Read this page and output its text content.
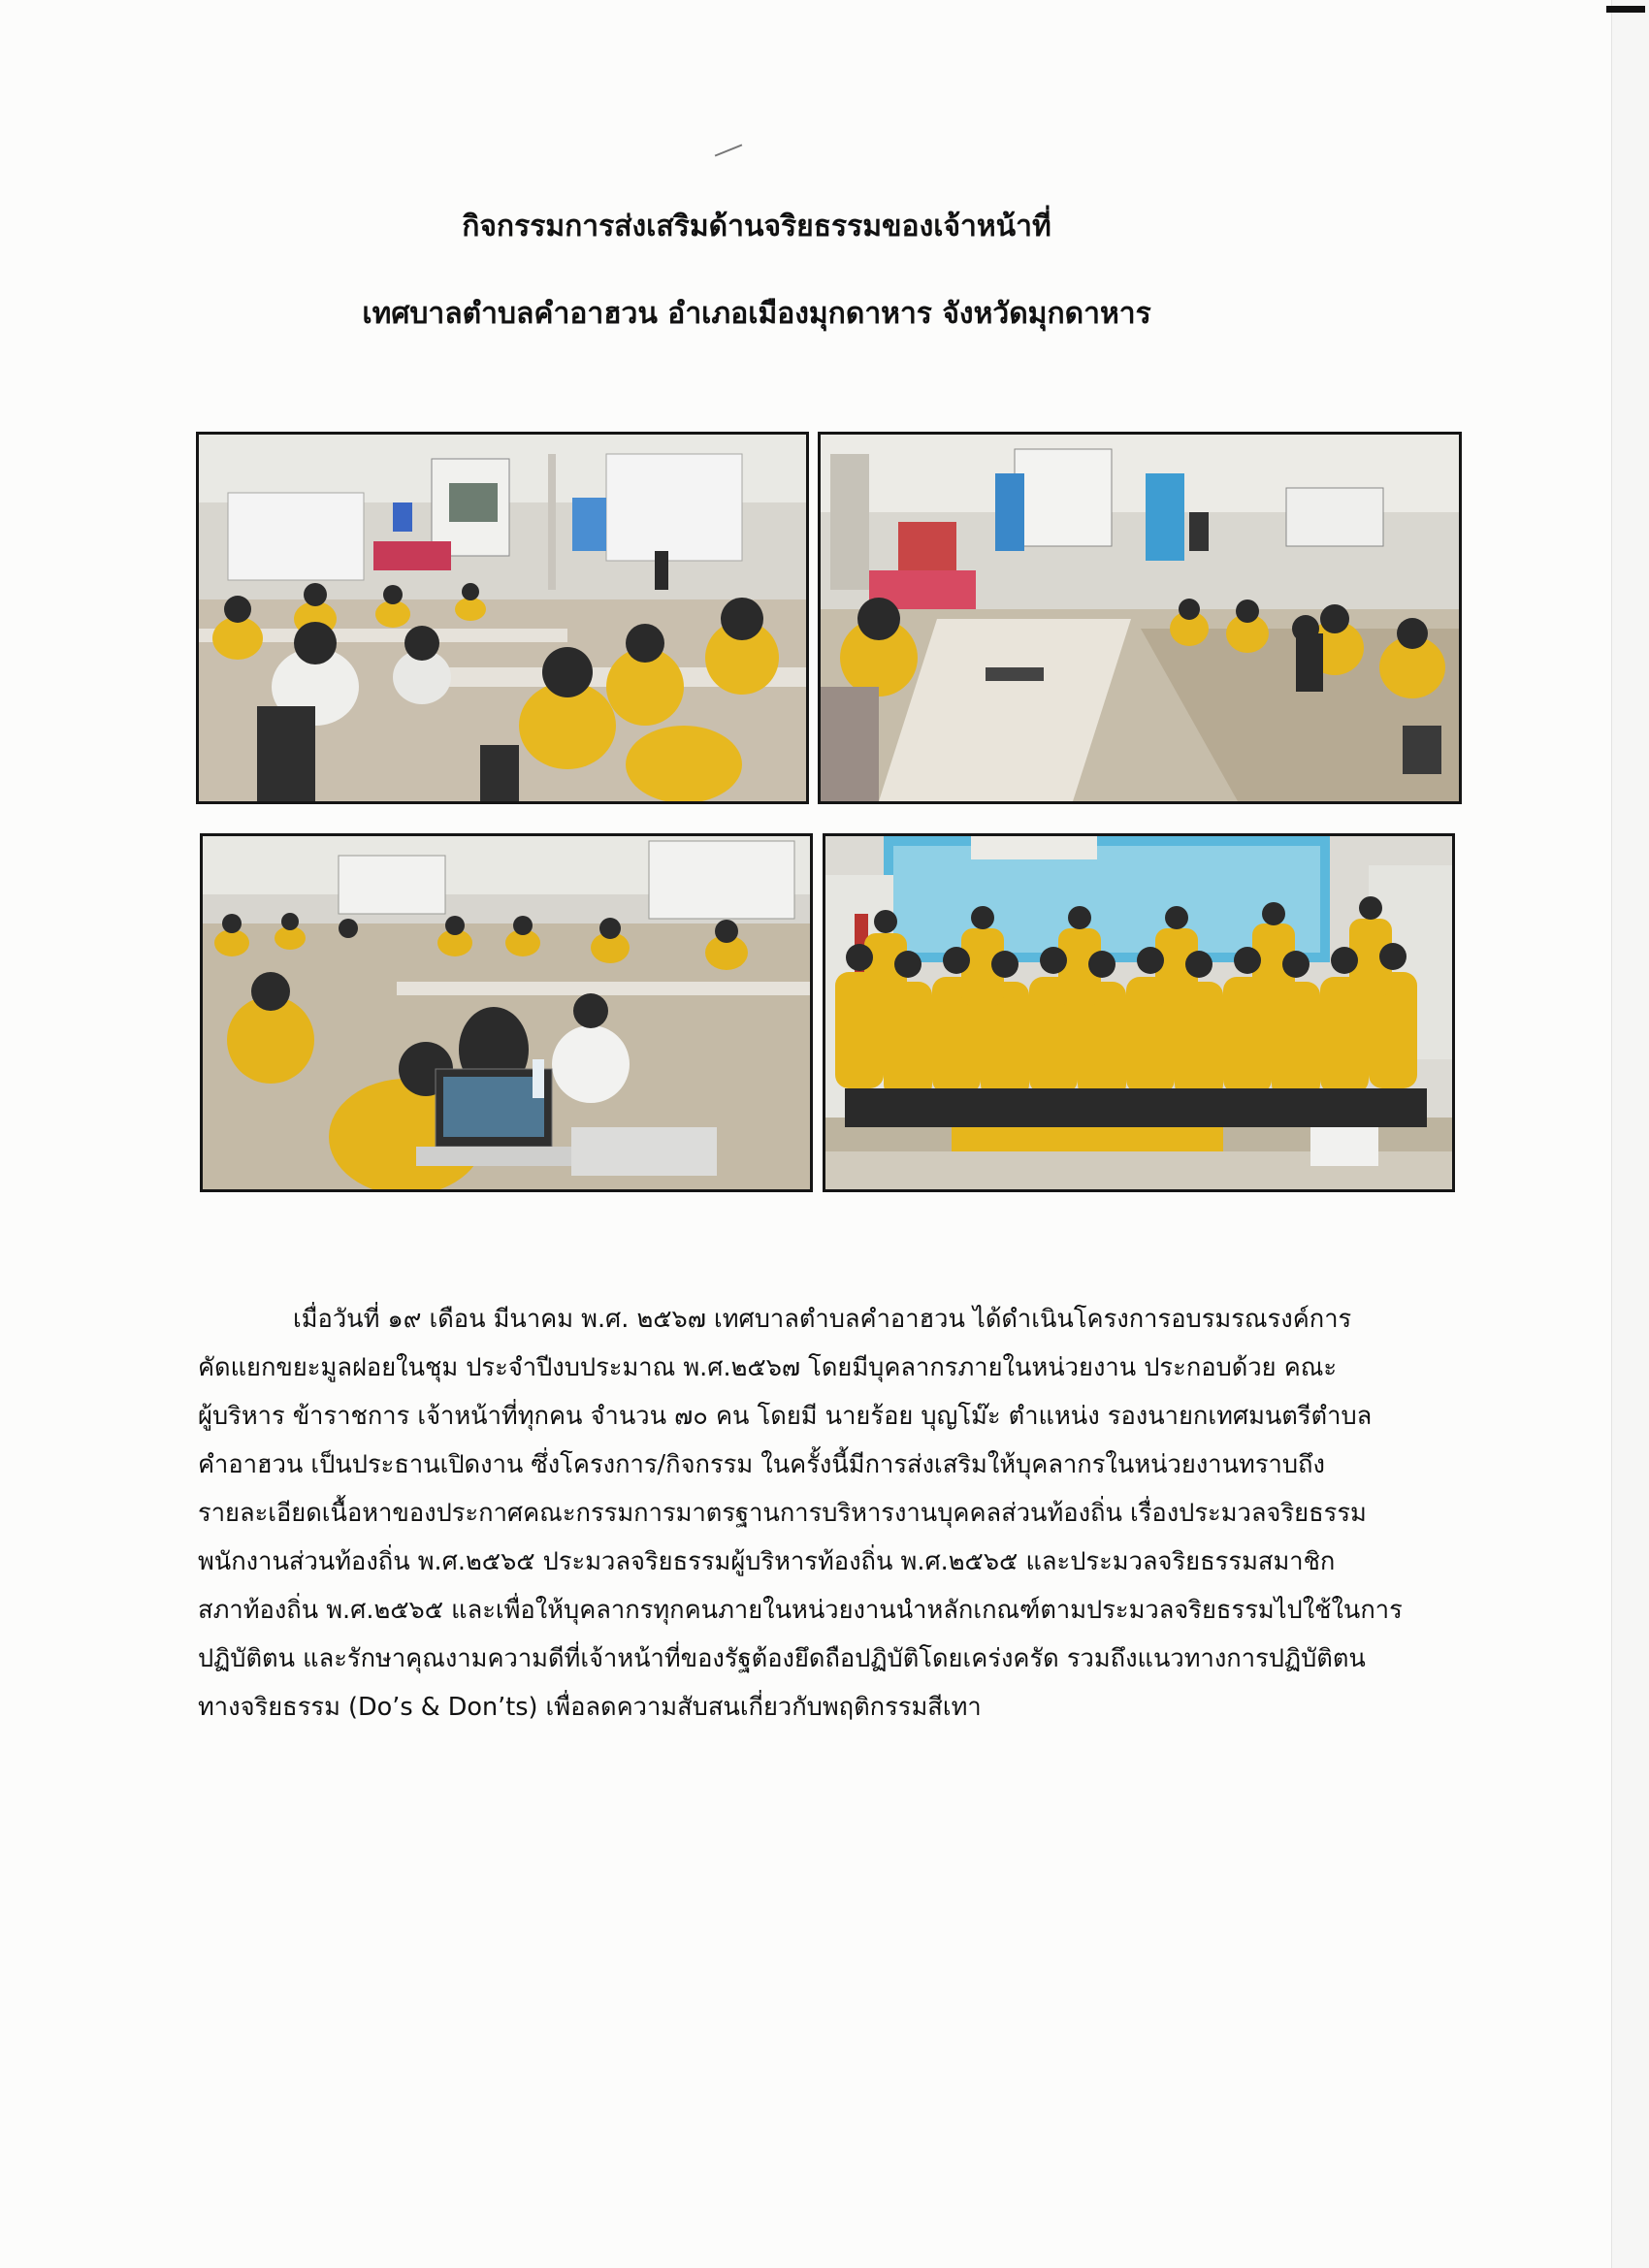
กิจกรรมการส่งเสริมด้านจริยธรรมของเจ้าหน้าที่
เทศบาลตำบลคำอาฮวน อำเภอเมืองมุกดาหาร จังหวัดมุกดาหาร

เมื่อวันที่ ๑๙ เดือน มีนาคม พ.ศ. ๒๕๖๗ เทศบาลตำบลคำอาฮวน ได้ดำเนินโครงการอบรมรณรงค์การ
คัดแยกขยะมูลฝอยในชุม ประจำปีงบประมาณ พ.ศ.๒๕๖๗ โดยมีบุคลากรภายในหน่วยงาน ประกอบด้วย คณะ
ผู้บริหาร ข้าราชการ เจ้าหน้าที่ทุกคน จำนวน ๗๐ คน โดยมี นายร้อย บุญโม๊ะ ตำแหน่ง รองนายกเทศมนตรีตำบล
คำอาฮวน เป็นประธานเปิดงาน ซึ่งโครงการ/กิจกรรม ในครั้งนี้มีการส่งเสริมให้บุคลากรในหน่วยงานทราบถึง
รายละเอียดเนื้อหาของประกาศคณะกรรมการมาตรฐานการบริหารงานบุคคลส่วนท้องถิ่น เรื่องประมวลจริยธรรม
พนักงานส่วนท้องถิ่น พ.ศ.๒๕๖๕ ประมวลจริยธรรมผู้บริหารท้องถิ่น พ.ศ.๒๕๖๕ และประมวลจริยธรรมสมาชิก
สภาท้องถิ่น พ.ศ.๒๕๖๕ และเพื่อให้บุคลากรทุกคนภายในหน่วยงานนำหลักเกณฑ์ตามประมวลจริยธรรมไปใช้ในการ
ปฏิบัติตน และรักษาคุณงามความดีที่เจ้าหน้าที่ของรัฐต้องยึดถือปฏิบัติโดยเคร่งครัด รวมถึงแนวทางการปฏิบัติตน
ทางจริยธรรม (Do’s & Don’ts) เพื่อลดความสับสนเกี่ยวกับพฤติกรรมสีเทา
